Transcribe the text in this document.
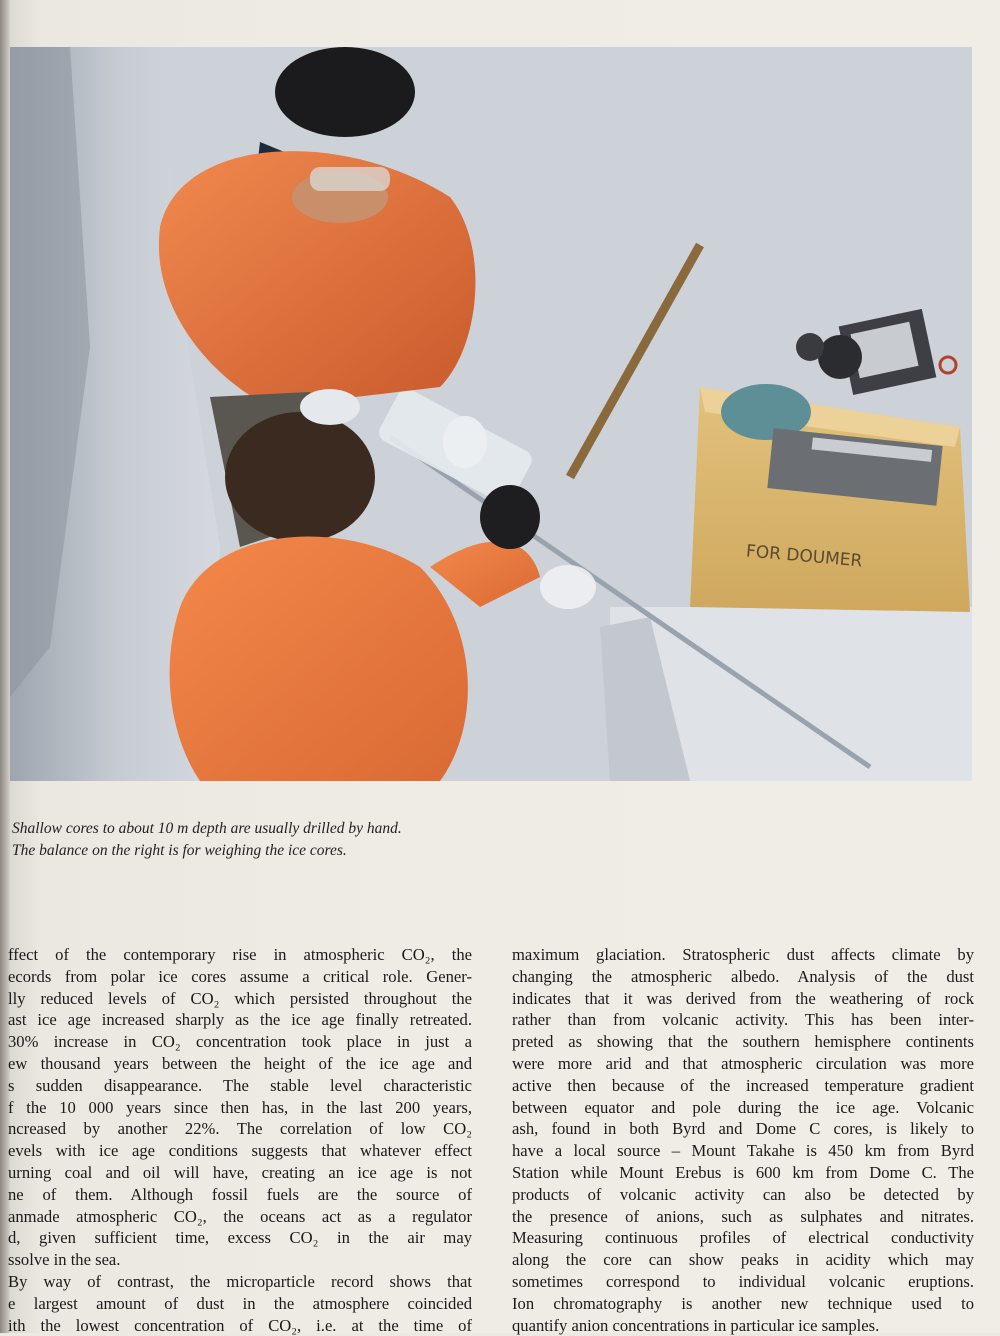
FOR DOUMER
Shallow cores to about 10 m depth are usually drilled by hand.
The balance on the right is for weighing the ice cores.
ffect of the contemporary rise in atmospheric CO₂, the
ecords from polar ice cores assume a critical role. Gener-
lly reduced levels of CO₂ which persisted throughout the
ast ice age increased sharply as the ice age finally retreated.
30% increase in CO₂ concentration took place in just a
ew thousand years between the height of the ice age and
s sudden disappearance. The stable level characteristic
f the 10 000 years since then has, in the last 200 years,
ncreased by another 22%. The correlation of low CO₂
evels with ice age conditions suggests that whatever effect
urning coal and oil will have, creating an ice age is not
ne of them. Although fossil fuels are the source of
anmade atmospheric CO₂, the oceans act as a regulator
d, given sufficient time, excess CO₂ in the air may
ssolve in the sea.
By way of contrast, the microparticle record shows that
e largest amount of dust in the atmosphere coincided
ith the lowest concentration of CO₂, i.e. at the time of
maximum glaciation. Stratospheric dust affects climate by
changing the atmospheric albedo. Analysis of the dust
indicates that it was derived from the weathering of rock
rather than from volcanic activity. This has been inter-
preted as showing that the southern hemisphere continents
were more arid and that atmospheric circulation was more
active then because of the increased temperature gradient
between equator and pole during the ice age. Volcanic
ash, found in both Byrd and Dome C cores, is likely to
have a local source – Mount Takahe is 450 km from Byrd
Station while Mount Erebus is 600 km from Dome C. The
products of volcanic activity can also be detected by
the presence of anions, such as sulphates and nitrates.
Measuring continuous profiles of electrical conductivity
along the core can show peaks in acidity which may
sometimes correspond to individual volcanic eruptions.
Ion chromatography is another new technique used to
quantify anion concentrations in particular ice samples.
